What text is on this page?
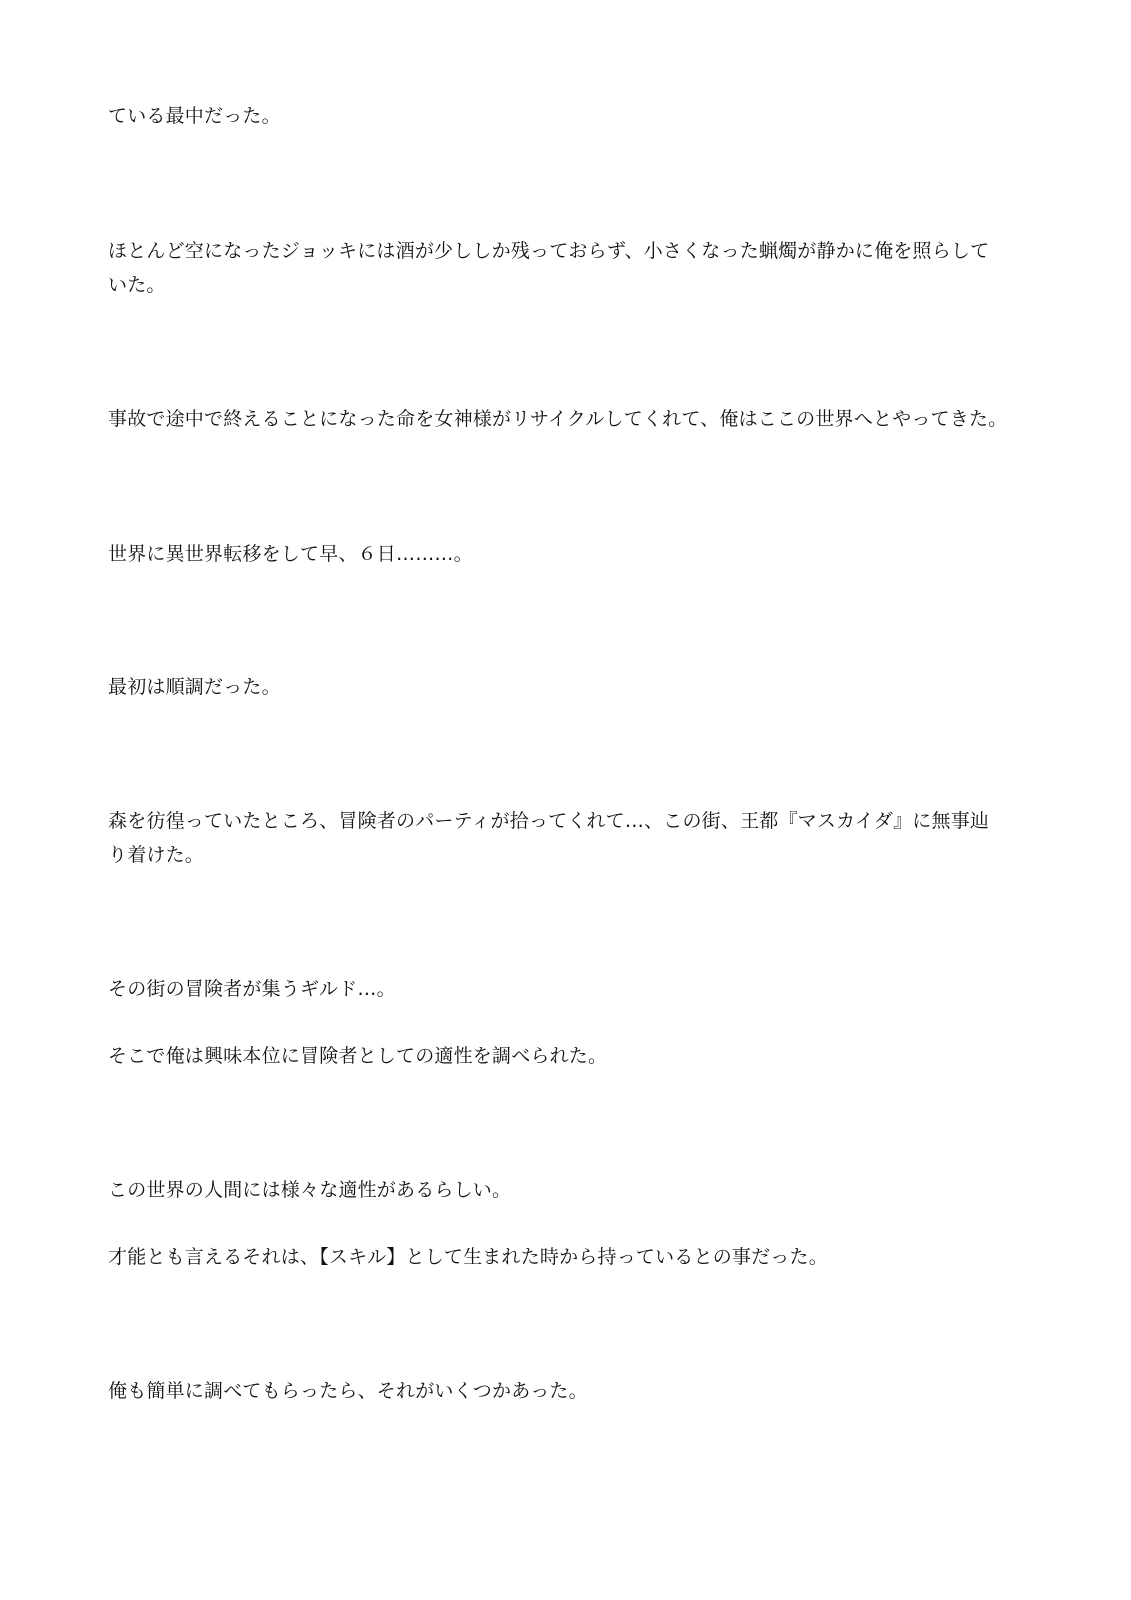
ている最中だった。

ほとんど空になったジョッキには酒が少ししか残っておらず、小さくなった蝋燭が静かに俺を照らして
いた。

事故で途中で終えることになった命を女神様がリサイクルしてくれて、俺はここの世界へとやってきた。

世界に異世界転移をして早、６日………。

最初は順調だった。

森を彷徨っていたところ、冒険者のパーティが拾ってくれて…、この街、王都『マスカイダ』に無事辿
り着けた。

その街の冒険者が集うギルド…。

そこで俺は興味本位に冒険者としての適性を調べられた。

この世界の人間には様々な適性があるらしい。

才能とも言えるそれは、【スキル】として生まれた時から持っているとの事だった。

俺も簡単に調べてもらったら、それがいくつかあった。
